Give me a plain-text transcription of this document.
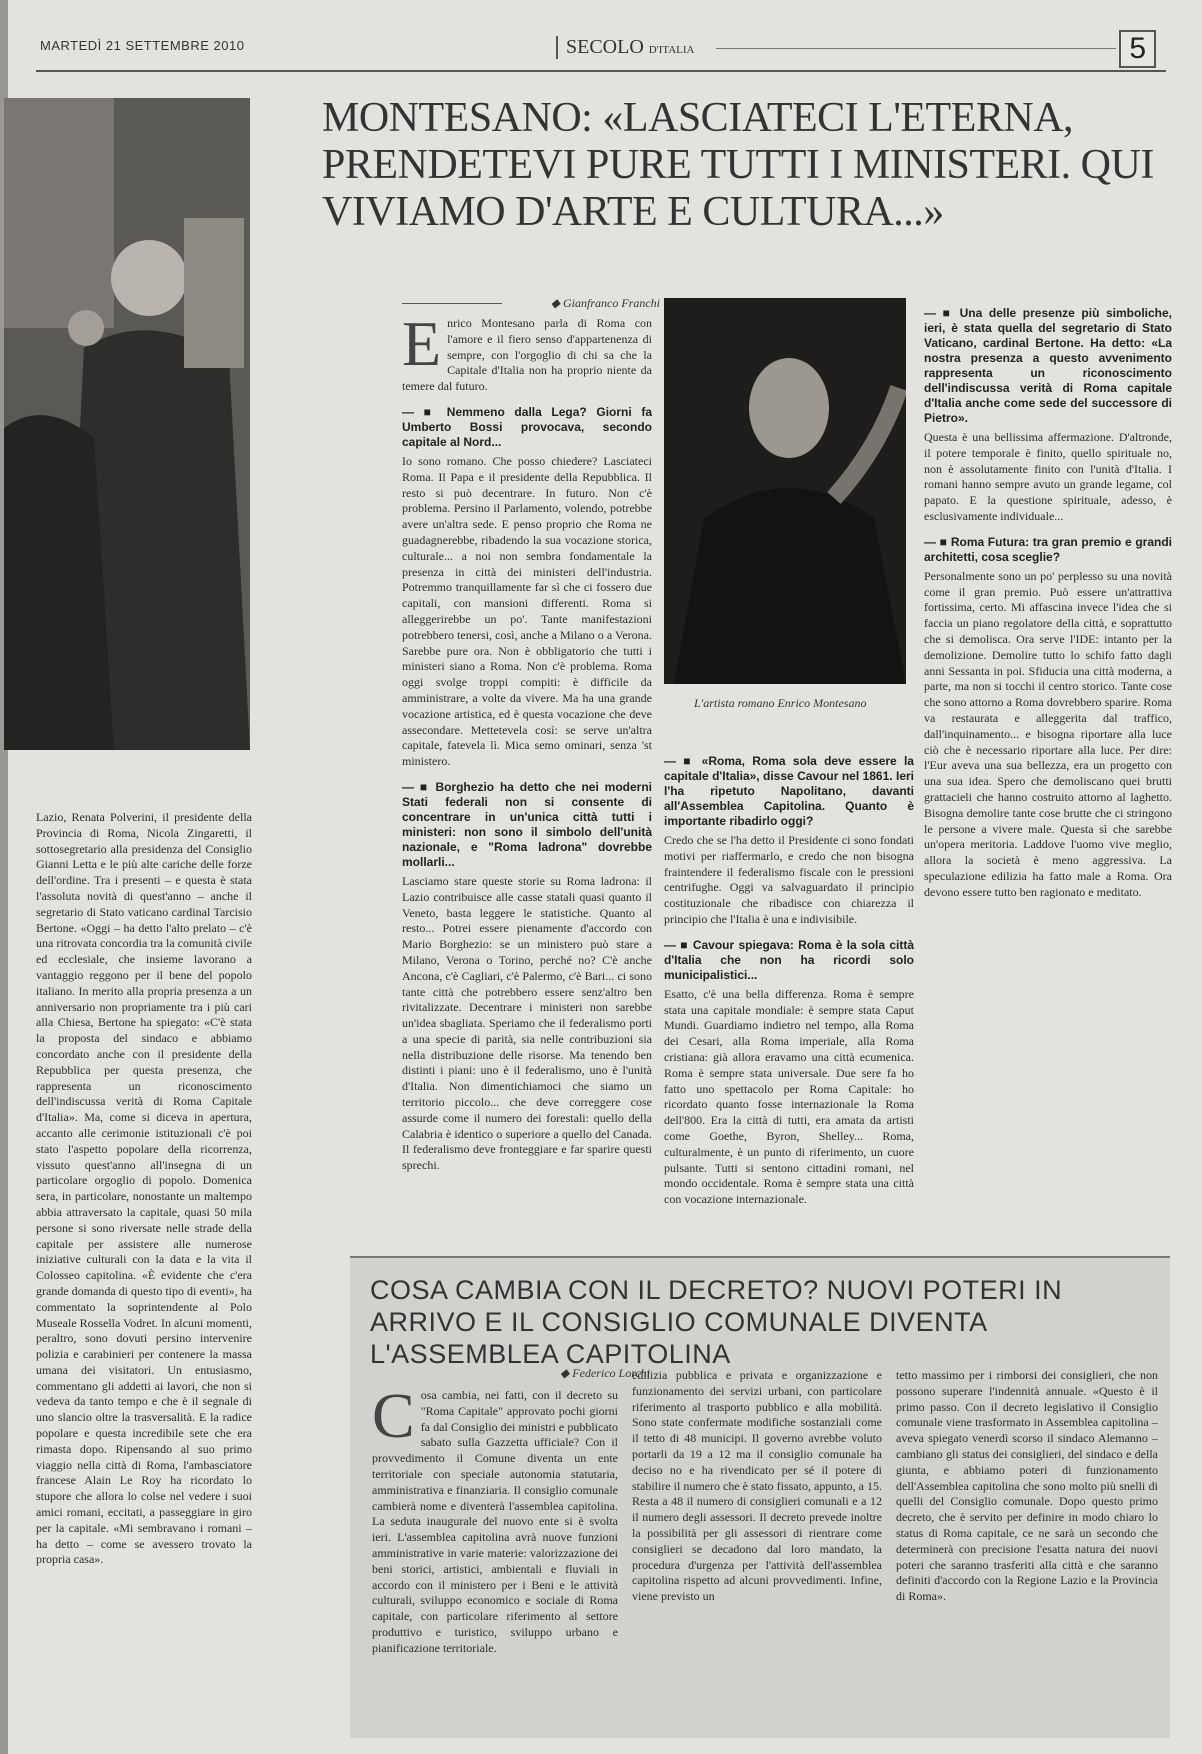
MARTEDÌ 21 SETTEMBRE 2010	SECOLO D'ITALIA	5
MONTESANO: «LASCIATECI L'ETERNA, PRENDETEVI PURE TUTTI I MINISTERI. QUI VIVIAMO D'ARTE E CULTURA...»
◆ Gianfranco Franchi
L'artista romano Enrico Montesano

Lazio, Renata Polverini, il presidente della Provincia di Roma, Nicola Zingaretti, il sottosegretario alla presidenza del Consiglio Gianni Letta e le più alte cariche delle forze dell'ordine. Tra i presenti – e questa è stata l'assoluta novità di quest'anno – anche il segretario di Stato vaticano cardinal Tarcisio Bertone. «Oggi – ha detto l'alto prelato – c'è una ritrovata concordia tra la comunità civile ed ecclesiale, che insieme lavorano a vantaggio reggono per il bene del popolo italiano. In merito alla propria presenza a un anniversario non propriamente tra i più cari alla Chiesa, Bertone ha spiegato: «C'è stata la proposta del sindaco e abbiamo concordato anche con il presidente della Repubblica per questa presenza, che rappresenta un riconoscimento dell'indiscussa verità di Roma Capitale d'Italia». Ma, come si diceva in apertura, accanto alle cerimonie istituzionali c'è poi stato l'aspetto popolare della ricorrenza, vissuto quest'anno all'insegna di un particolare orgoglio di popolo. Domenica sera, in particolare, nonostante un maltempo abbia attraversato la capitale, quasi 50 mila persone si sono riversate nelle strade della capitale per assistere alle numerose iniziative culturali con la data e la vita il Colosseo capitolina. «È evidente che c'era grande domanda di questo tipo di eventi», ha commentato la soprintendente al Polo Museale Rossella Vodret. In alcuni momenti, peraltro, sono dovuti persino intervenire polizia e carabinieri per contenere la massa umana dei visitatori. Un entusiasmo, commentano gli addetti ai lavori, che non si vedeva da tanto tempo e che è il segnale di uno slancio oltre la trasversalità. E la radice popolare e questa incredibile sete che era rimasta dopo. Ripensando al suo primo viaggio nella città di Roma, l'ambasciatore francese Alain Le Roy ha ricordato lo stupore che allora lo colse nel vedere i suoi amici romani, eccitati, a passeggiare in giro per la capitale. «Mi sembravano i romani – ha detto – come se avessero trovato la propria casa».

Enrico Montesano parla di Roma con l'amore e il fiero senso d'appartenenza di sempre, con l'orgoglio di chi sa che la Capitale d'Italia non ha proprio niente da temere dal futuro.

— ■ Nemmeno dalla Lega? Giorni fa Umberto Bossi provocava, secondo capitale al Nord...

Io sono romano. Che posso chiedere? Lasciateci Roma. Il Papa e il presidente della Repubblica. Il resto si può decentrare. In futuro. Non c'è problema. Persino il Parlamento, volendo, potrebbe avere un'altra sede. E penso proprio che Roma ne guadagnerebbe, ribadendo la sua vocazione storica, culturale... a noi non sembra fondamentale la presenza in città dei ministeri dell'industria. Potremmo tranquillamente far sì che ci fossero due capitali, con mansioni differenti. Roma si alleggerirebbe un po'. Tante manifestazioni potrebbero tenersi, così, anche a Milano o a Verona. Sarebbe pure ora. Non è obbligatorio che tutti i ministeri siano a Roma. Non c'è problema. Roma oggi svolge troppi compiti: è difficile da amministrare, a volte da vivere. Ma ha una grande vocazione artistica, ed è questa vocazione che deve assecondare. Mettetevela così: se serve un'altra capitale, fatevela lì. Mica semo ominari, senza 'st ministero.

— ■ Borghezio ha detto che nei moderni Stati federali non si consente di concentrare in un'unica città tutti i ministeri: non sono il simbolo dell'unità nazionale, e "Roma ladrona" dovrebbe mollarli...

Lasciamo stare queste storie su Roma ladrona: il Lazio contribuisce alle casse statali quasi quanto il Veneto, basta leggere le statistiche. Quanto al resto... Potrei essere pienamente d'accordo con Mario Borghezio: se un ministero può stare a Milano, Verona o Torino, perché no? C'è anche Ancona, c'è Cagliari, c'è Palermo, c'è Bari... ci sono tante città che potrebbero essere senz'altro ben rivitalizzate. Decentrare i ministeri non sarebbe un'idea sbagliata. Speriamo che il federalismo porti a una specie di parità, sia nelle contribuzioni sia nella distribuzione delle risorse. Ma tenendo ben distinti i piani: uno è il federalismo, uno è l'unità d'Italia. Non dimentichiamoci che siamo un territorio piccolo... che deve correggere cose assurde come il numero dei forestali: quello della Calabria è identico o superiore a quello del Canada. Il federalismo deve fronteggiare e far sparire questi sprechi.

— ■ «Roma, Roma sola deve essere la capitale d'Italia», disse Cavour nel 1861. Ieri l'ha ripetuto Napolitano, davanti all'Assemblea Capitolina. Quanto è importante ribadirlo oggi?

Credo che se l'ha detto il Presidente ci sono fondati motivi per riaffermarlo, e credo che non bisogna fraintendere il federalismo fiscale con le pressioni centrifughe. Oggi va salvaguardato il principio costituzionale che ribadisce con chiarezza il principio che l'Italia è una e indivisibile.

— ■ Cavour spiegava: Roma è la sola città d'Italia che non ha ricordi solo municipalistici...

Esatto, c'è una bella differenza. Roma è sempre stata una capitale mondiale: è sempre stata Caput Mundi. Guardiamo indietro nel tempo, alla Roma dei Cesari, alla Roma imperiale, alla Roma cristiana: già allora eravamo una città ecumenica. Roma è sempre stata universale. Due sere fa ho fatto uno spettacolo per Roma Capitale: ho ricordato quanto fosse internazionale la Roma dell'800. Era la città di tutti, era amata da artisti come Goethe, Byron, Shelley... Roma, culturalmente, è un punto di riferimento, un cuore pulsante. Tutti si sentono cittadini romani, nel mondo occidentale. Roma è sempre stata una città con vocazione internazionale.

— ■ Una delle presenze più simboliche, ieri, è stata quella del segretario di Stato Vaticano, cardinal Bertone. Ha detto: «La nostra presenza a questo avvenimento rappresenta un riconoscimento dell'indiscussa verità di Roma capitale d'Italia anche come sede del successore di Pietro».

Questa è una bellissima affermazione. D'altronde, il potere temporale è finito, quello spirituale no, non è assolutamente finito con l'unità d'Italia. I romani hanno sempre avuto un grande legame, col papato. E la questione spirituale, adesso, è esclusivamente individuale...

— ■ Roma Futura: tra gran premio e grandi architetti, cosa sceglie?

Personalmente sono un po' perplesso su una novità come il gran premio. Può essere un'attrattiva fortissima, certo. Mi affascina invece l'idea che si faccia un piano regolatore della città, e soprattutto che si demolisca. Ora serve l'IDE: intanto per la demolizione. Demolire tutto lo schifo fatto dagli anni Sessanta in poi. Sfiducia una città moderna, a parte, ma non si tocchi il centro storico. Tante cose che sono attorno a Roma dovrebbero sparire. Roma va restaurata e alleggerita dal traffico, dall'inquinamento... e bisogna riportare alla luce ciò che è necessario riportare alla luce. Per dire: l'Eur aveva una sua bellezza, era un progetto con una sua idea. Spero che demoliscano quei brutti grattacieli che hanno costruito attorno al laghetto. Bisogna demolire tante cose brutte che ci stringono le persone a vivere male. Questa sì che sarebbe un'opera meritoria. Laddove l'uomo vive meglio, allora la società è meno aggressiva. La speculazione edilizia ha fatto male a Roma. Ora devono essere tutto ben ragionato e meditato.

COSA CAMBIA CON IL DECRETO? NUOVI POTERI IN ARRIVO E IL CONSIGLIO COMUNALE DIVENTA L'ASSEMBLEA CAPITOLINA
◆ Federico Lorchi

Cosa cambia, nei fatti, con il decreto su "Roma Capitale" approvato pochi giorni fa dal Consiglio dei ministri e pubblicato sabato sulla Gazzetta ufficiale? Con il provvedimento il Comune diventa un ente territoriale con speciale autonomia statutaria, amministrativa e finanziaria. Il consiglio comunale cambierà nome e diventerà l'assemblea capitolina. La seduta inaugurale del nuovo ente si è svolta ieri. L'assemblea capitolina avrà nuove funzioni amministrative in varie materie: valorizzazione dei beni storici, artistici, ambientali e fluviali in accordo con il ministero per i Beni e le attività culturali, sviluppo economico e sociale di Roma capitale, con particolare riferimento al settore produttivo e turistico, sviluppo urbano e pianificazione territoriale.

edilizia pubblica e privata e organizzazione e funzionamento dei servizi urbani, con particolare riferimento al trasporto pubblico e alla mobilità. Sono state confermate modifiche sostanziali come il tetto di 48 municipi. Il governo avrebbe voluto portarli da 19 a 12 ma il consiglio comunale ha deciso no e ha rivendicato per sé il potere di stabilire il numero che è stato fissato, appunto, a 15. Resta a 48 il numero di consiglieri comunali e a 12 il numero degli assessori. Il decreto prevede inoltre la possibilità per gli assessori di rientrare come consiglieri se decadono dal loro mandato, la procedura d'urgenza per l'attività dell'assemblea capitolina rispetto ad alcuni provvedimenti. Infine, viene previsto un

tetto massimo per i rimborsi dei consiglieri, che non possono superare l'indennità annuale. «Questo è il primo passo. Con il decreto legislativo il Consiglio comunale viene trasformato in Assemblea capitolina – aveva spiegato venerdì scorso il sindaco Alemanno – cambiano gli status dei consiglieri, del sindaco e della giunta, e abbiamo poteri di funzionamento dell'Assemblea capitolina che sono molto più snelli di quelli del Consiglio comunale. Dopo questo primo decreto, che è servito per definire in modo chiaro lo status di Roma capitale, ce ne sarà un secondo che determinerà con precisione l'esatta natura dei nuovi poteri che saranno trasferiti alla città e che saranno definiti d'accordo con la Regione Lazio e la Provincia di Roma».
